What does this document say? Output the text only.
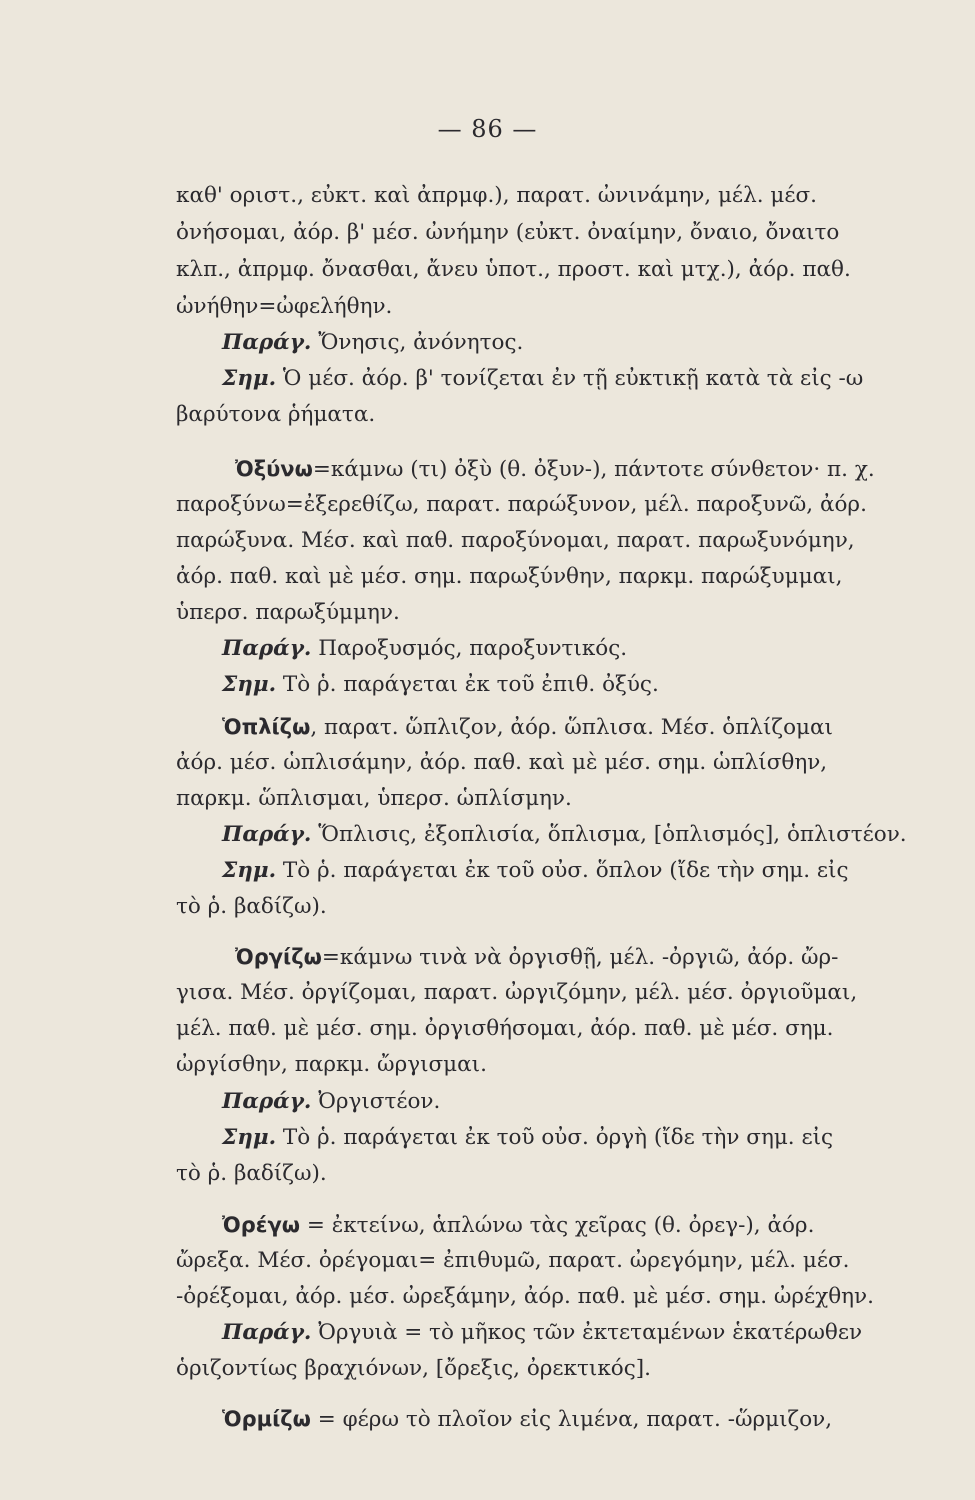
— 86 —
καθ' οριστ., εὐκτ. καὶ ἀπρμφ.), παρατ. ὠνινάμην, μέλ. μέσ.
ὀνήσομαι, ἀόρ. β' μέσ. ὠνήμην (εὐκτ. ὀναίμην, ὄναιο, ὄναιτο
κλπ., ἀπρμφ. ὄνασθαι, ἄνευ ὑποτ., προστ. καὶ μτχ.), ἀόρ. παθ.
ὠνήθην=ὠφελήθην.
Παράγ. Ὄνησις, ἀνόνητος.
Σημ. Ὁ μέσ. ἀόρ. β' τονίζεται ἐν τῇ εὐκτικῇ κατὰ τὰ εἰς -ω
βαρύτονα ῥήματα.
Ὀξύνω=κάμνω (τι) ὀξὺ (θ. ὀξυν-), πάντοτε σύνθετον· π. χ.
παροξύνω=ἐξερεθίζω, παρατ. παρώξυνον, μέλ. παροξυνῶ, ἀόρ.
παρώξυνα. Μέσ. καὶ παθ. παροξύνομαι, παρατ. παρωξυνόμην,
ἀόρ. παθ. καὶ μὲ μέσ. σημ. παρωξύνθην, παρκμ. παρώξυμμαι,
ὑπερσ. παρωξύμμην.
Παράγ. Παροξυσμός, παροξυντικός.
Σημ. Τὸ ῥ. παράγεται ἐκ τοῦ ἐπιθ. ὀξύς.
Ὁπλίζω, παρατ. ὥπλιζον, ἀόρ. ὥπλισα. Μέσ. ὁπλίζομαι
ἀόρ. μέσ. ὡπλισάμην, ἀόρ. παθ. καὶ μὲ μέσ. σημ. ὡπλίσθην,
παρκμ. ὥπλισμαι, ὑπερσ. ὡπλίσμην.
Παράγ. Ὅπλισις, ἐξοπλισία, ὅπλισμα, [ὁπλισμός], ὁπλιστέον.
Σημ. Τὸ ῥ. παράγεται ἐκ τοῦ οὐσ. ὅπλον (ἴδε τὴν σημ. εἰς
τὸ ῥ. βαδίζω).
Ὀργίζω=κάμνω τινὰ νὰ ὀργισθῇ, μέλ. -ὀργιῶ, ἀόρ. ὤρ-
γισα. Μέσ. ὀργίζομαι, παρατ. ὠργιζόμην, μέλ. μέσ. ὀργιοῦμαι,
μέλ. παθ. μὲ μέσ. σημ. ὀργισθήσομαι, ἀόρ. παθ. μὲ μέσ. σημ.
ὠργίσθην, παρκμ. ὤργισμαι.
Παράγ. Ὀργιστέον.
Σημ. Τὸ ῥ. παράγεται ἐκ τοῦ οὐσ. ὀργὴ (ἴδε τὴν σημ. εἰς
τὸ ῥ. βαδίζω).
Ὀρέγω = ἐκτείνω, ἁπλώνω τὰς χεῖρας (θ. ὀρεγ-), ἀόρ.
ὤρεξα. Μέσ. ὀρέγομαι= ἐπιθυμῶ, παρατ. ὠρεγόμην, μέλ. μέσ.
-ὀρέξομαι, ἀόρ. μέσ. ὠρεξάμην, ἀόρ. παθ. μὲ μέσ. σημ. ὠρέχθην.
Παράγ. Ὀργυιὰ = τὸ μῆκος τῶν ἐκτεταμένων ἑκατέρωθεν
ὁριζοντίως βραχιόνων, [ὄρεξις, ὀρεκτικός].
Ὁρμίζω = φέρω τὸ πλοῖον εἰς λιμένα, παρατ. -ὥρμιζον,
